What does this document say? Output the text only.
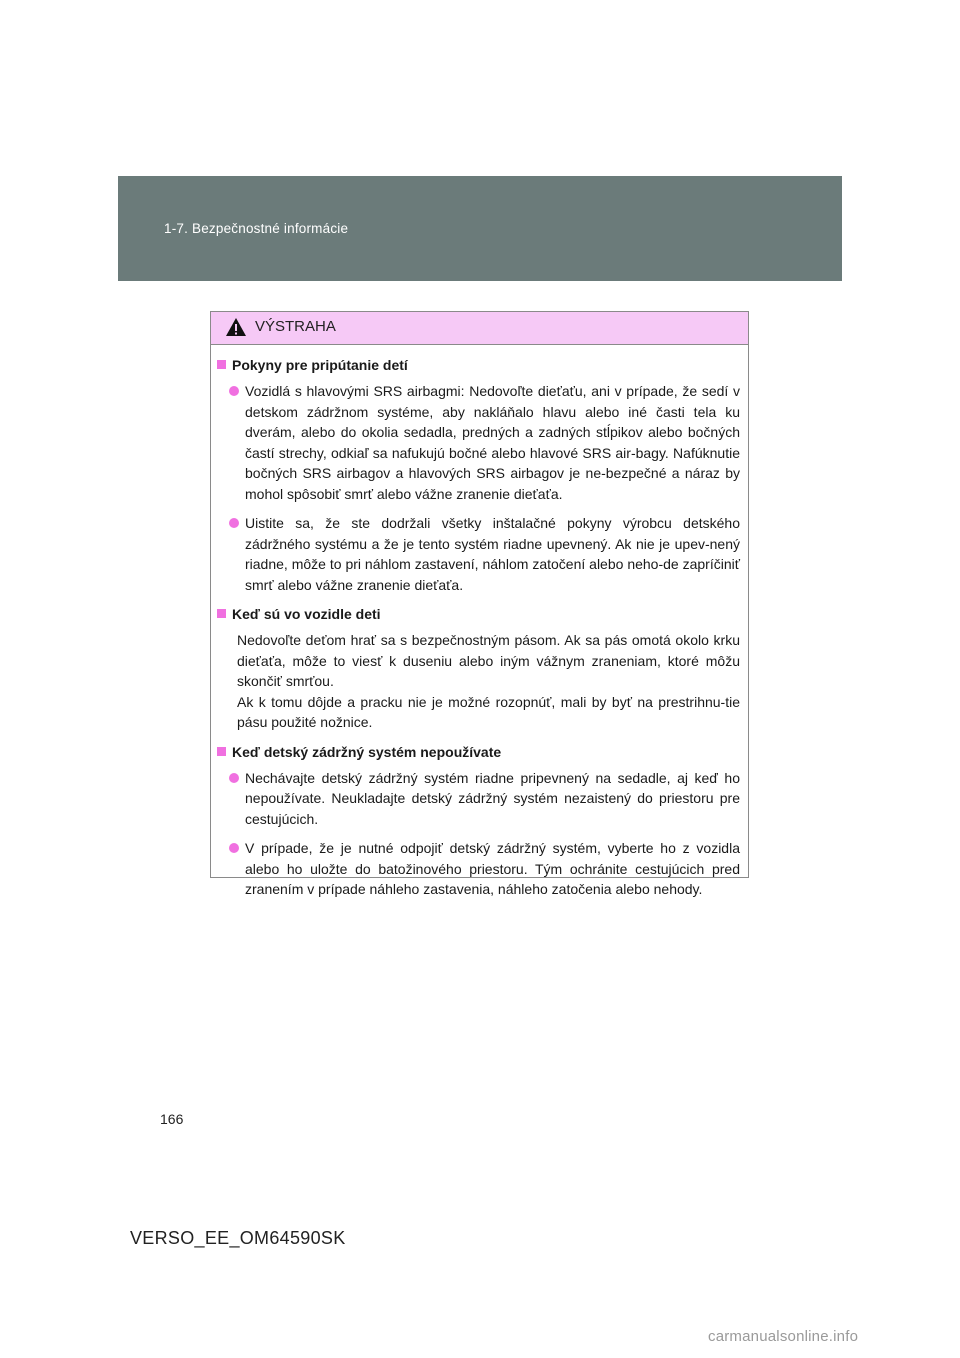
1-7. Bezpečnostné informácie
VÝSTRAHA
Pokyny pre pripútanie detí

Vozidlá s hlavovými SRS airbagmi: Nedovoľte dieťaťu, ani v prípade, že sedí v detskom zádržnom systéme, aby nakláňalo hlavu alebo iné časti tela ku dverám, alebo do okolia sedadla, predných a zadných stĺpikov alebo bočných častí strechy, odkiaľ sa nafukujú bočné alebo hlavové SRS air-bagy. Nafúknutie bočných SRS airbagov a hlavových SRS airbagov je ne-bezpečné a náraz by mohol spôsobiť smrť alebo vážne zranenie dieťaťa.

Uistite sa, že ste dodržali všetky inštalačné pokyny výrobcu detského zádržného systému a že je tento systém riadne upevnený. Ak nie je upev-nený riadne, môže to pri náhlom zastavení, náhlom zatočení alebo neho-de zapríčiniť smrť alebo vážne zranenie dieťaťa.

Keď sú vo vozidle deti

Nedovoľte deťom hrať sa s bezpečnostným pásom. Ak sa pás omotá okolo krku dieťaťa, môže to viesť k duseniu alebo iným vážnym zraneniam, ktoré môžu skončiť smrťou.

Ak k tomu dôjde a pracku nie je možné rozopnúť, mali by byť na prestrihnu-tie pásu použité nožnice.

Keď detský zádržný systém nepoužívate

Nechávajte detský zádržný systém riadne pripevnený na sedadle, aj keď ho nepoužívate. Neukladajte detský zádržný systém nezaistený do priestoru pre cestujúcich.

V prípade, že je nutné odpojiť detský zádržný systém, vyberte ho z vozidla alebo ho uložte do batožinového priestoru. Tým ochránite cestujúcich pred zranením v prípade náhleho zastavenia, náhleho zatočenia alebo nehody.

166
VERSO_EE_OM64590SK
carmanualsonline.info
